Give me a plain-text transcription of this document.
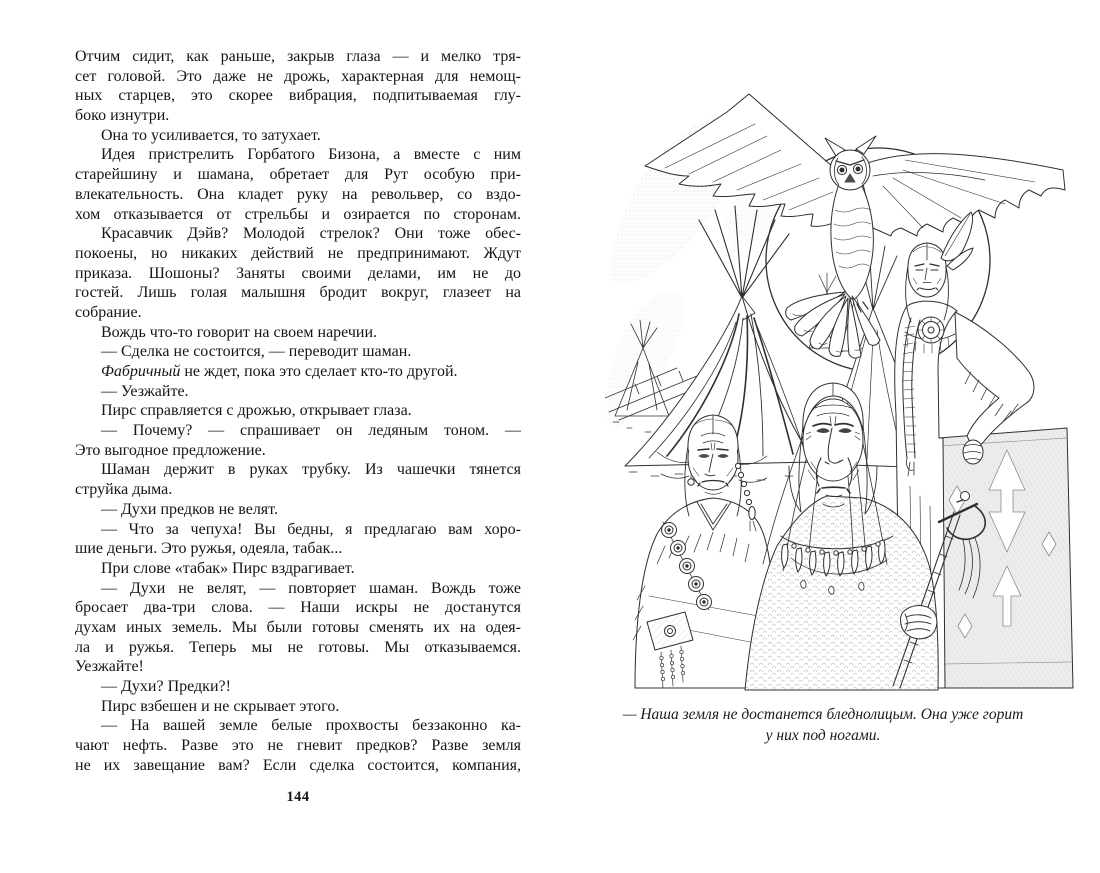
Отчим сидит, как раньше, закрыв глаза — и мелко тря-
сет головой. Это даже не дрожь, характерная для немощ-
ных старцев, это скорее вибрация, подпитываемая глу-
боко изнутри.
Она то усиливается, то затухает.
Идея пристрелить Горбатого Бизона, а вместе с ним
старейшину и шамана, обретает для Рут особую при-
влекательность. Она кладет руку на револьвер, со вздо-
хом отказывается от стрельбы и озирается по сторонам.
Красавчик Дэйв? Молодой стрелок? Они тоже обес-
покоены, но никаких действий не предпринимают. Ждут
приказа. Шошоны? Заняты своими делами, им не до
гостей. Лишь голая малышня бродит вокруг, глазеет на
собрание.
Вождь что-то говорит на своем наречии.
— Сделка не состоится, — переводит шаман.
Фабричный не ждет, пока это сделает кто-то другой.
— Уезжайте.
Пирс справляется с дрожью, открывает глаза.
— Почему? — спрашивает он ледяным тоном. —
Это выгодное предложение.
Шаман держит в руках трубку. Из чашечки тянется
струйка дыма.
— Духи предков не велят.
— Что за чепуха! Вы бедны, я предлагаю вам хоро-
шие деньги. Это ружья, одеяла, табак...
При слове «табак» Пирс вздрагивает.
— Духи не велят, — повторяет шаман. Вождь тоже
бросает два-три слова. — Наши искры не достанутся
духам иных земель. Мы были готовы сменять их на одея-
ла и ружья. Теперь мы не готовы. Мы отказываемся.
Уезжайте!
— Духи? Предки?!
Пирс взбешен и не скрывает этого.
— На вашей земле белые прохвосты беззаконно ка-
чают нефть. Разве это не гневит предков? Разве земля
не их завещание вам? Если сделка состоится, компания,
144
— Наша земля не достанется бледнолицым. Она уже горит
у них под ногами.
